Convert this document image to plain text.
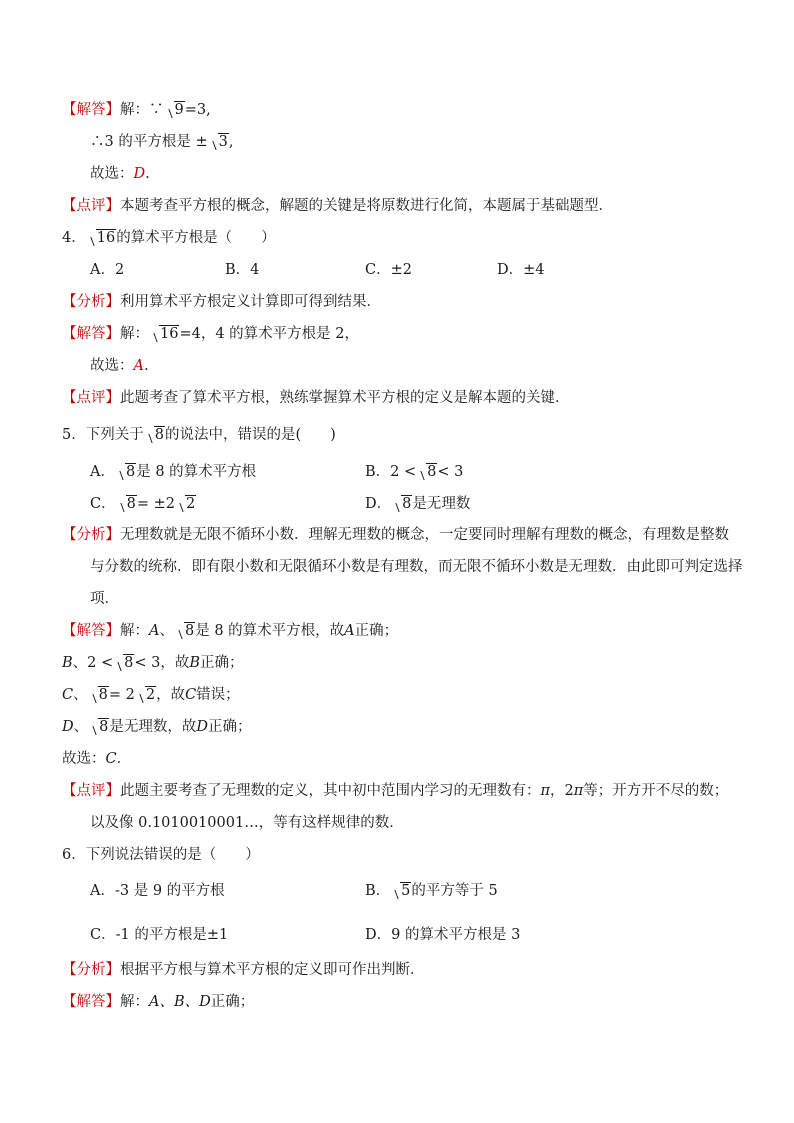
【解答】解：∵ 9=3,
∴3 的平方根是 ± 3,
故选：D.
【点评】本题考查平方根的概念，解题的关键是将原数进行化简，本题属于基础题型．
4． 16的算术平方根是（　　）
A．2	B．4	C．±2	D．±4
【分析】利用算术平方根定义计算即可得到结果．
【解答】解： 16=4，4 的算术平方根是 2，
故选：A.
【点评】此题考查了算术平方根，熟练掌握算术平方根的定义是解本题的关键．
5．下列关于 8的说法中，错误的是(　　)
A． 8是 8 的算术平方根	B．2 < 8< 3
C． 8= ±2 2	D． 8是无理数
【分析】无理数就是无限不循环小数．理解无理数的概念，一定要同时理解有理数的概念，有理数是整数
与分数的统称．即有限小数和无限循环小数是有理数，而无限不循环小数是无理数．由此即可判定选择
项．
【解答】解：A、 8是 8 的算术平方根，故A正确；
B、2 < 8< 3，故B正确；
C、 8= 2 2，故C错误；
D、 8是无理数，故D正确；
故选：C．
【点评】此题主要考查了无理数的定义，其中初中范围内学习的无理数有：π，2π等；开方开不尽的数；
以及像 0.1010010001…，等有这样规律的数．
6．下列说法错误的是（　　）
A．-3 是 9 的平方根	B． 5的平方等于 5
C．-1 的平方根是±1	D．9 的算术平方根是 3
【分析】根据平方根与算术平方根的定义即可作出判断．
【解答】解：A、B、D正确；
